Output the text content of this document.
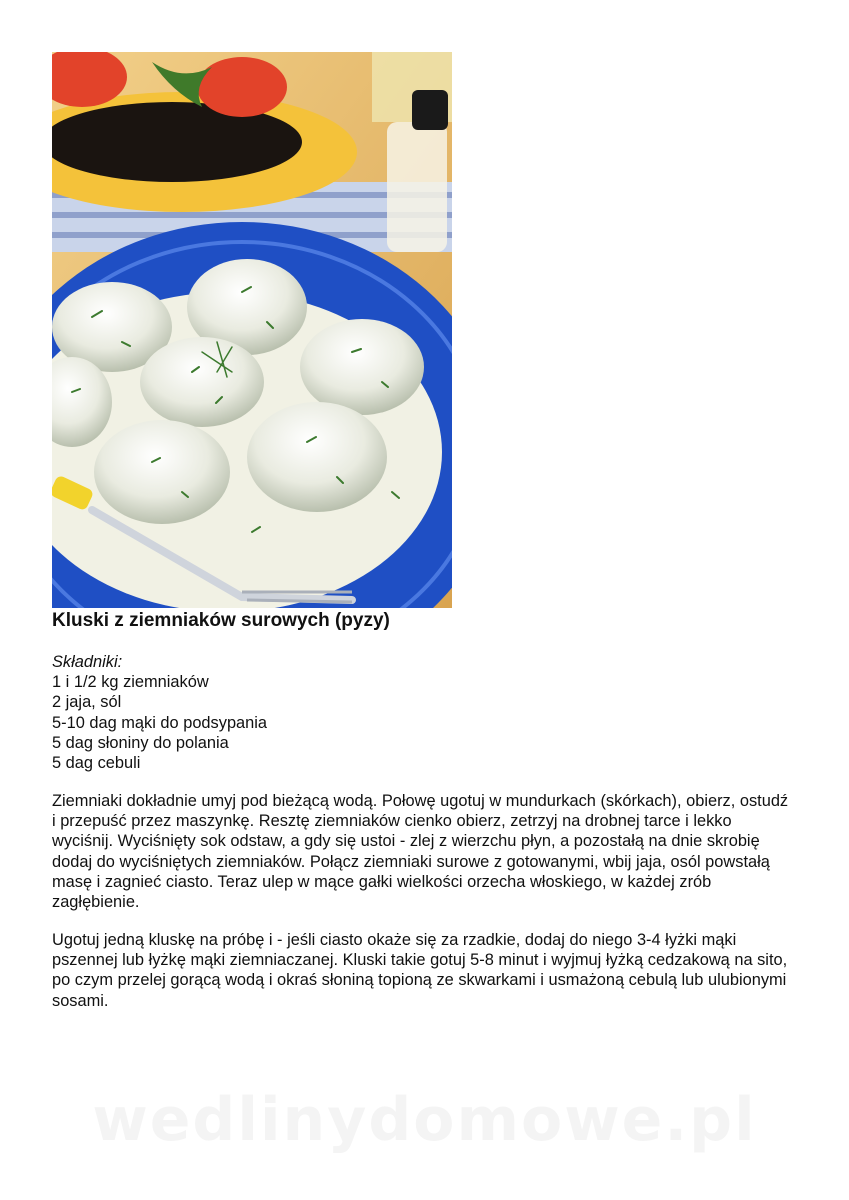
Kluski z ziemniaków surowych (pyzy)
Składniki:
1 i 1/2 kg ziemniaków
2 jaja, sól
5-10 dag mąki do podsypania
5 dag słoniny do polania
5 dag cebuli

Ziemniaki dokładnie umyj pod bieżącą wodą. Połowę ugotuj w mundurkach (skórkach), obierz, ostudź i przepuść przez maszynkę. Resztę ziemniaków cienko obierz, zetrzyj na drobnej tarce i lekko wyciśnij. Wyciśnięty sok odstaw, a gdy się ustoi - zlej z wierzchu płyn, a pozostałą na dnie skrobię dodaj do wyciśniętych ziemniaków. Połącz ziemniaki surowe z gotowanymi, wbij jaja, osól powstałą masę i zagnieć ciasto. Teraz ulep w mące gałki wielkości orzecha włoskiego, w każdej zrób zagłębienie.

Ugotuj jedną kluskę na próbę i - jeśli ciasto okaże się za rzadkie, dodaj do niego 3-4 łyżki mąki pszennej lub łyżkę mąki ziemniaczanej. Kluski takie gotuj 5-8 minut i wyjmuj łyżką cedzakową na sito, po czym przelej gorącą wodą i okraś słoniną topioną ze skwarkami i usmażoną cebulą lub ulubionymi sosami.

wedlinydomowe.pl
